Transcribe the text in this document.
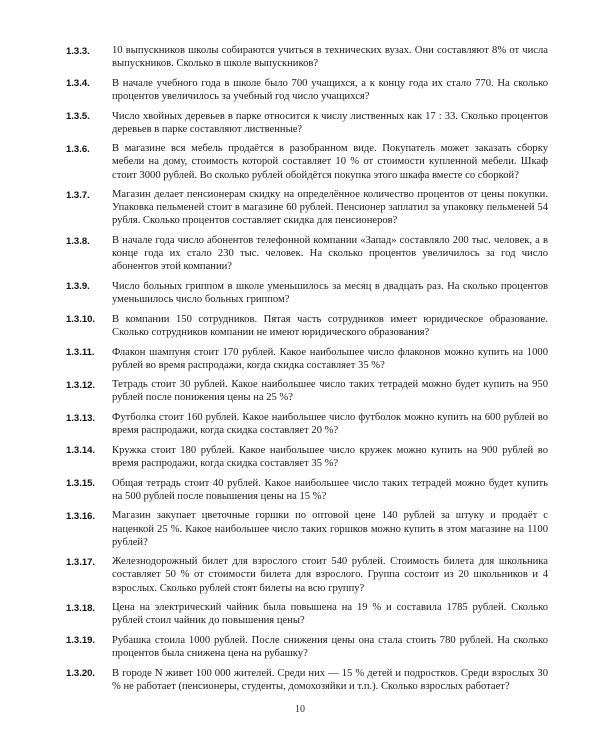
1.3.3.	10 выпускников школы собираются учиться в технических вузах. Они составляют 8% от числа выпускников. Сколько в школе выпускников?
1.3.4.	В начале учебного года в школе было 700 учащихся, а к концу года их стало 770. На сколько процентов увеличилось за учебный год число учащихся?
1.3.5.	Число хвойных деревьев в парке относится к числу лиственных как 17 : 33. Сколько процентов деревьев в парке составляют лиственные?
1.3.6.	В магазине вся мебель продаётся в разобранном виде. Покупатель может заказать сборку мебели на дому, стоимость которой составляет 10 % от стоимости купленной мебели. Шкаф стоит 3000 рублей. Во сколько рублей обойдётся покупка этого шкафа вместе со сборкой?
1.3.7.	Магазин делает пенсионерам скидку на определённое количество процентов от цены покупки. Упаковка пельменей стоит в магазине 60 рублей. Пенсионер заплатил за упаковку пельменей 54 рубля. Сколько процентов составляет скидка для пенсионеров?
1.3.8.	В начале года число абонентов телефонной компании «Запад» составляло 200 тыс. человек, а в конце года их стало 230 тыс. человек. На сколько процентов увеличилось за год число абонентов этой компании?
1.3.9.	Число больных гриппом в школе уменьшилось за месяц в двадцать раз. На сколько процентов уменьшилось число больных гриппом?
1.3.10.	В компании 150 сотрудников. Пятая часть сотрудников имеет юридическое образование. Сколько сотрудников компании не имеют юридического образования?
1.3.11.	Флакон шампуня стоит 170 рублей. Какое наибольшее число флаконов можно купить на 1000 рублей во время распродажи, когда скидка составляет 35 %?
1.3.12.	Тетрадь стоит 30 рублей. Какое наибольшее число таких тетрадей можно будет купить на 950 рублей после понижения цены на 25 %?
1.3.13.	Футболка стоит 160 рублей. Какое наибольшее число футболок можно купить на 600 рублей во время распродажи, когда скидка составляет 20 %?
1.3.14.	Кружка стоит 180 рублей. Какое наибольшее число кружек можно купить на 900 рублей во время распродажи, когда скидка составляет 35 %?
1.3.15.	Общая тетрадь стоит 40 рублей. Какое наибольшее число таких тетрадей можно будет купить на 500 рублей после повышения цены на 15 %?
1.3.16.	Магазин закупает цветочные горшки по оптовой цене 140 рублей за штуку и продаёт с наценкой 25 %. Какое наибольшее число таких горшков можно купить в этом магазине на 1100 рублей?
1.3.17.	Железнодорожный билет для взрослого стоит 540 рублей. Стоимость билета для школьника составляет 50 % от стоимости билета для взрослого. Группа состоит из 20 школьников и 4 взрослых. Сколько рублей стоят билеты на всю группу?
1.3.18.	Цена на электрический чайник была повышена на 19 % и составила 1785 рублей. Сколько рублей стоил чайник до повышения цены?
1.3.19.	Рубашка стоила 1000 рублей. После снижения цены она стала стоить 780 рублей. На сколько процентов была снижена цена на рубашку?
1.3.20.	В городе N живет 100 000 жителей. Среди них — 15 % детей и подростков. Среди взрослых 30 % не работает (пенсионеры, студенты, домохозяйки и т.п.). Сколько взрослых работает?
10
